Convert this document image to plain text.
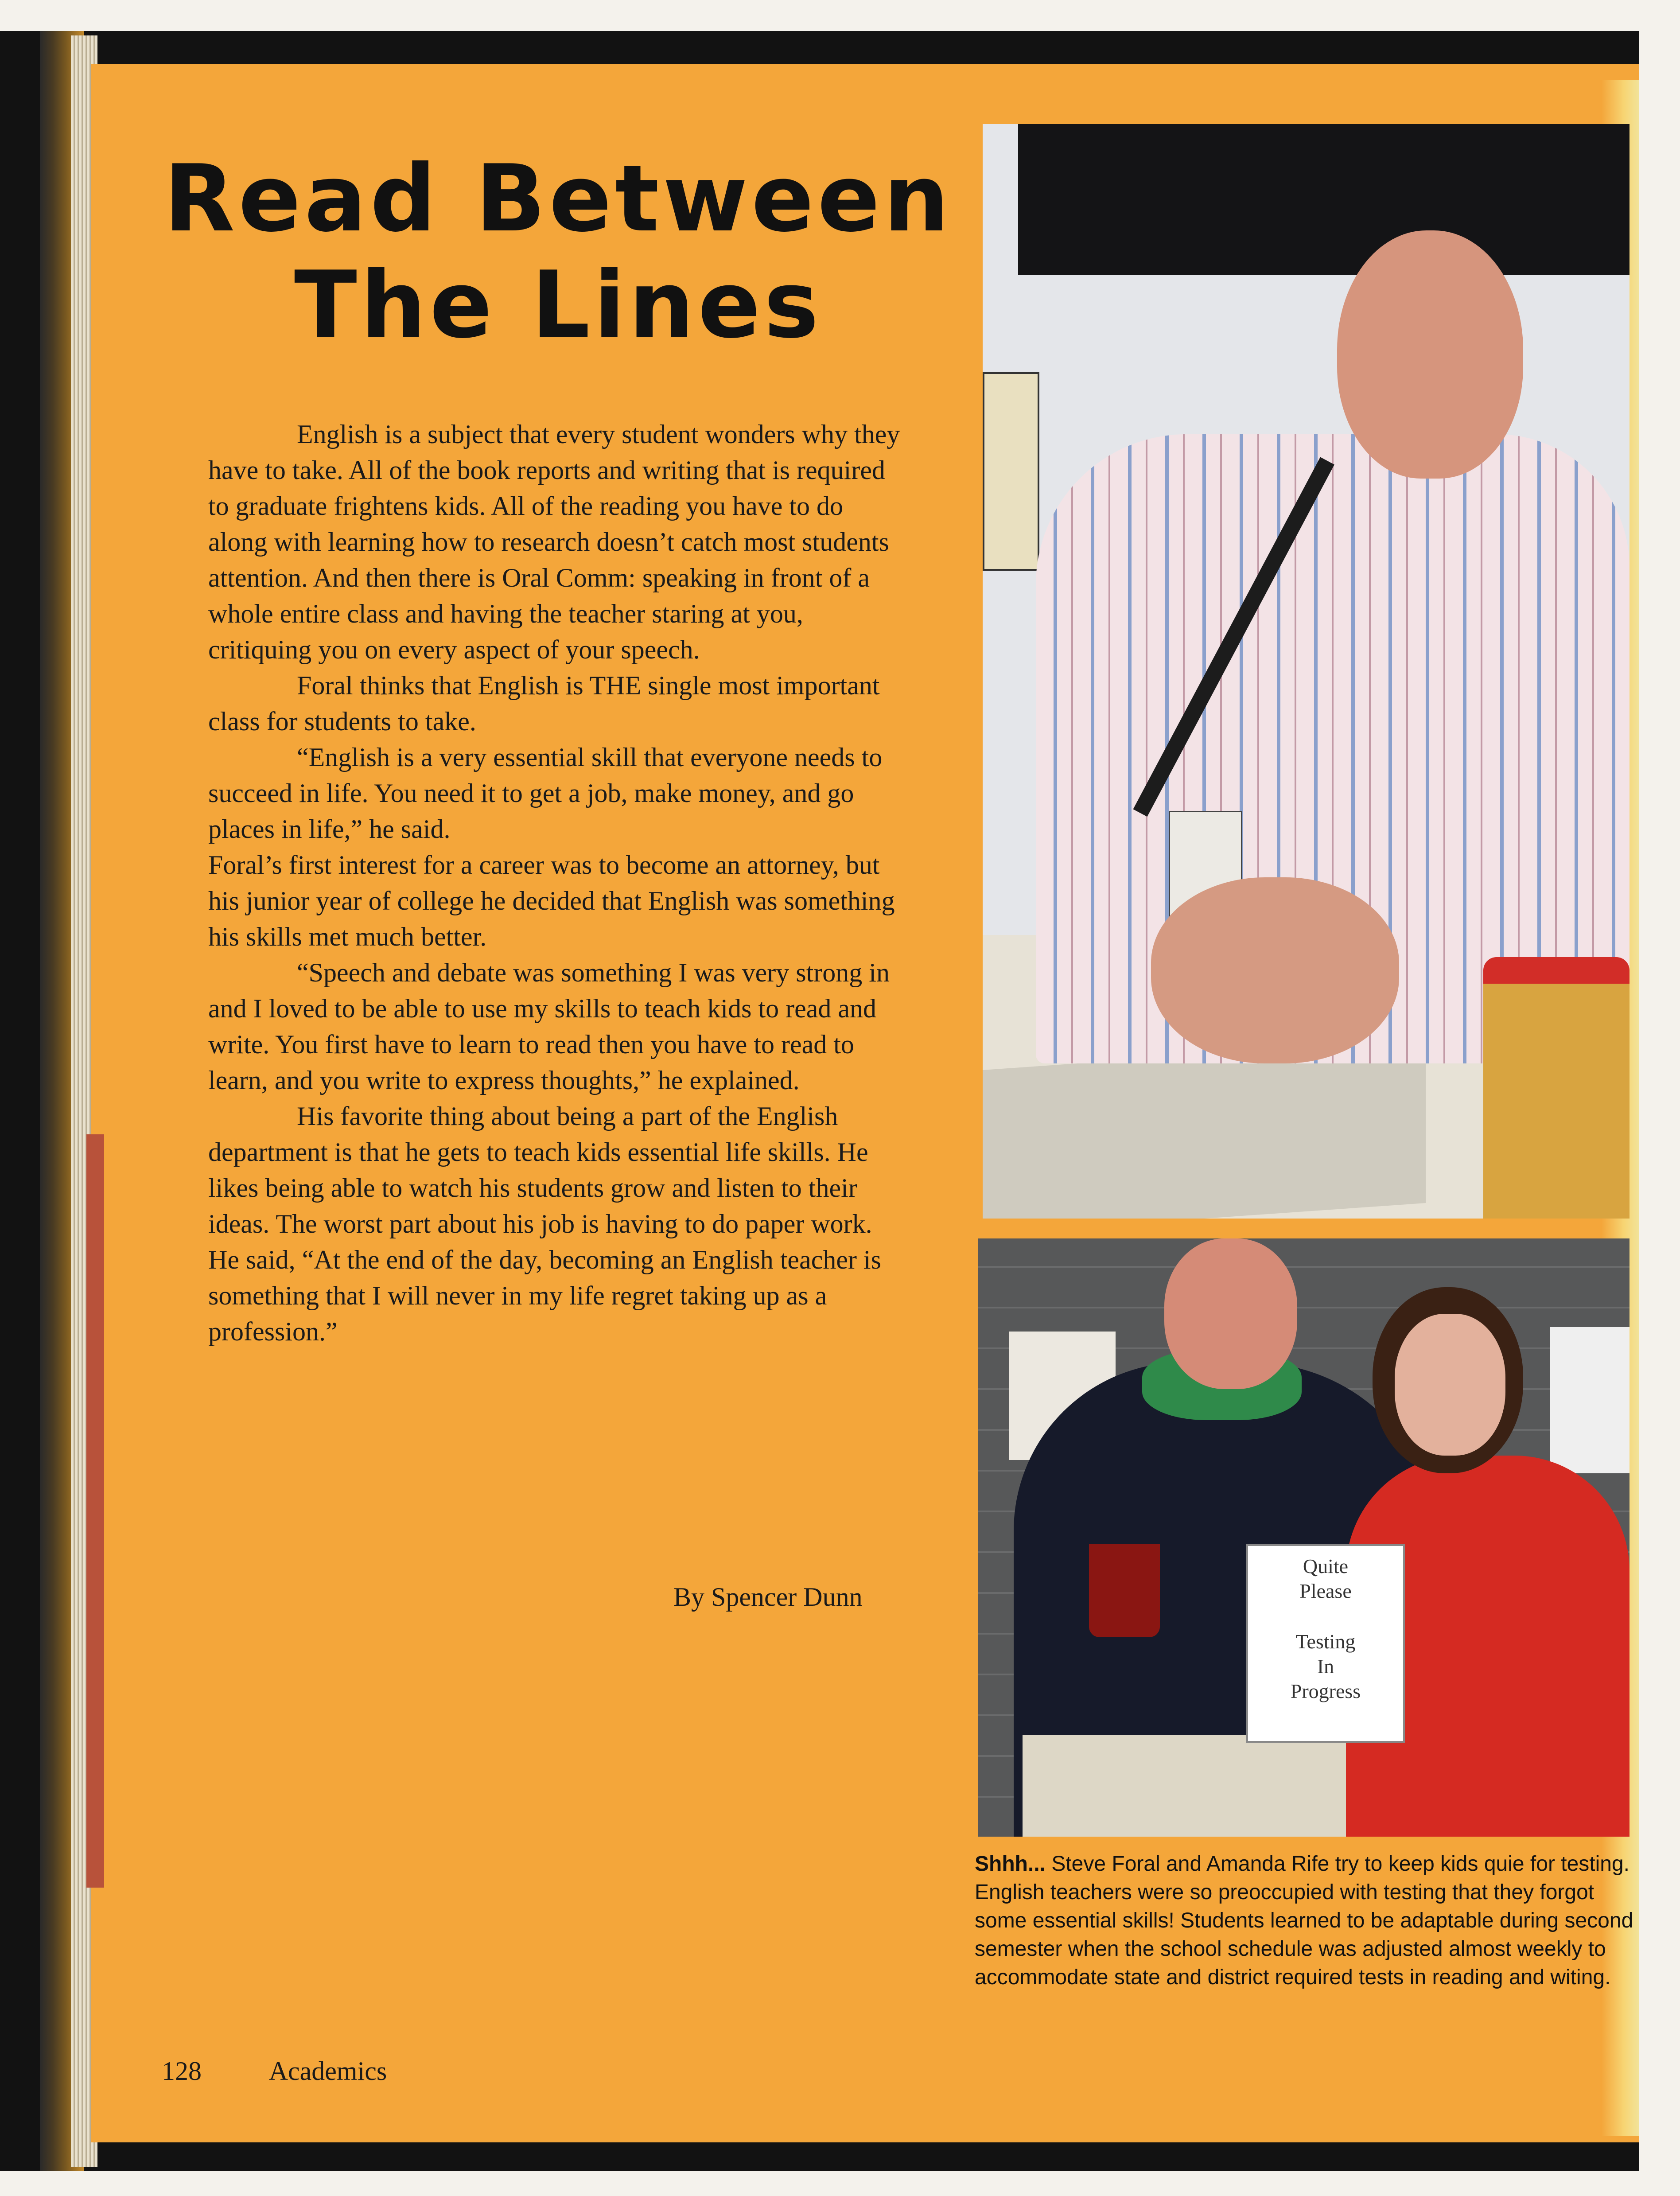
Read Between
The Lines

English is a subject that every student wonders why they have to take. All of the book reports and writing that is required to graduate frightens kids. All of the reading you have to do along with learning how to research doesn’t catch most students attention. And then there is Oral Comm: speaking in front of a whole entire class and having the teacher staring at you, critiquing you on every aspect of your speech.

Foral thinks that English is THE single most important class for students to take.

“English is a very essential skill that everyone needs to succeed in life. You need it to get a job, make money, and go places in life,” he said.

Foral’s first interest for a career was to become an attorney, but his junior year of college he decided that English was something his skills met much better.

“Speech and debate was something I was very strong in and I loved to be able to use my skills to teach kids to read and write. You first have to learn to read then you have to read to learn, and you write to express thoughts,” he explained.

His favorite thing about being a part of the English department is that he gets to teach kids essential life skills. He likes being able to watch his students grow and listen to their ideas. The worst part about his job is having to do paper work. He said, “At the end of the day, becoming an English teacher is something that I will never in my life regret taking up as a profession.”

By Spencer Dunn
Quite
Please
Testing
In
Progress
Shhh... Steve Foral and Amanda Rife try to keep kids quie for testing. English teachers were so preoccupied with testing that they forgot some essential skills! Students learned to be adaptable during second semester when the school schedule was adjusted almost weekly to accommodate state and district required tests in reading and witing.
128	Academics
